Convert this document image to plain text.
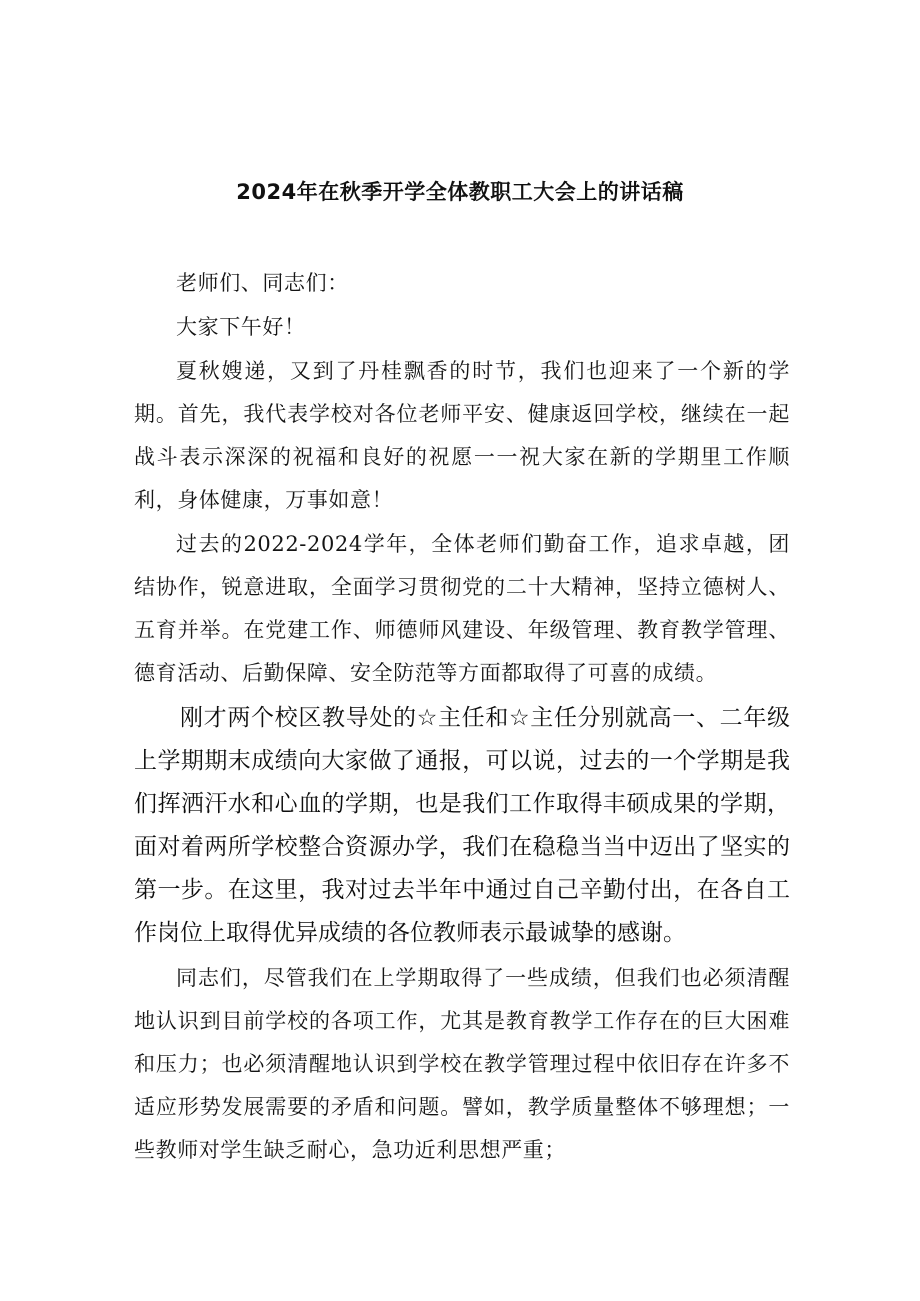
2024年在秋季开学全体教职工大会上的讲话稿

老师们、同志们：

大家下午好！

夏秋嫂递，又到了丹桂飘香的时节，我们也迎来了一个新的学期。首先，我代表学校对各位老师平安、健康返回学校，继续在一起战斗表示深深的祝福和良好的祝愿一一祝大家在新的学期里工作顺利，身体健康，万事如意！

过去的2022-2024学年，全体老师们勤奋工作，追求卓越，团结协作，锐意进取，全面学习贯彻党的二十大精神，坚持立德树人、五育并举。在党建工作、师德师风建设、年级管理、教育教学管理、德育活动、后勤保障、安全防范等方面都取得了可喜的成绩。

刚才两个校区教导处的☆主任和☆主任分别就高一、二年级上学期期末成绩向大家做了通报，可以说，过去的一个学期是我们挥洒汗水和心血的学期，也是我们工作取得丰硕成果的学期，面对着两所学校整合资源办学，我们在稳稳当当中迈出了坚实的第一步。在这里，我对过去半年中通过自己辛勤付出，在各自工作岗位上取得优异成绩的各位教师表示最诚挚的感谢。

同志们，尽管我们在上学期取得了一些成绩，但我们也必须清醒地认识到目前学校的各项工作，尤其是教育教学工作存在的巨大困难和压力；也必须清醒地认识到学校在教学管理过程中依旧存在许多不适应形势发展需要的矛盾和问题。譬如，教学质量整体不够理想；一些教师对学生缺乏耐心，急功近利思想严重；
